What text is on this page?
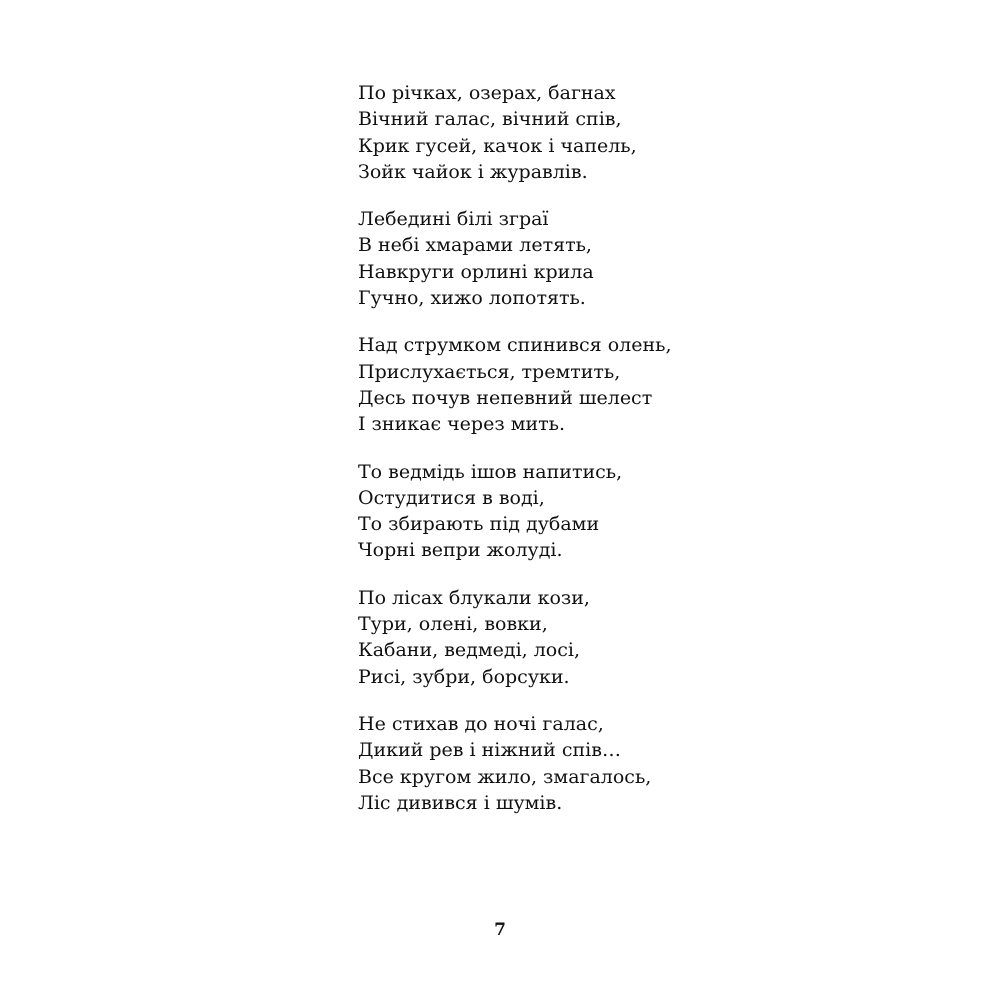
По річках, озерах, багнах
Вічний галас, вічний спів,
Крик гусей, качок і чапель,
Зойк чайок і журавлів.
Лебедині білі зграї
В небі хмарами летять,
Навкруги орлині крила
Гучно, хижо лопотять.
Над струмком спинився олень,
Прислухається, тремтить,
Десь почув непевний шелест
І зникає через мить.
То ведмідь ішов напитись,
Остудитися в воді,
То збирають під дубами
Чорні вепри жолуді.
По лісах блукали кози,
Тури, олені, вовки,
Кабани, ведмеді, лосі,
Рисі, зубри, борсуки.
Не стихав до ночі галас,
Дикий рев і ніжний спів…
Все кругом жило, змагалось,
Ліс дивився і шумів.
7
